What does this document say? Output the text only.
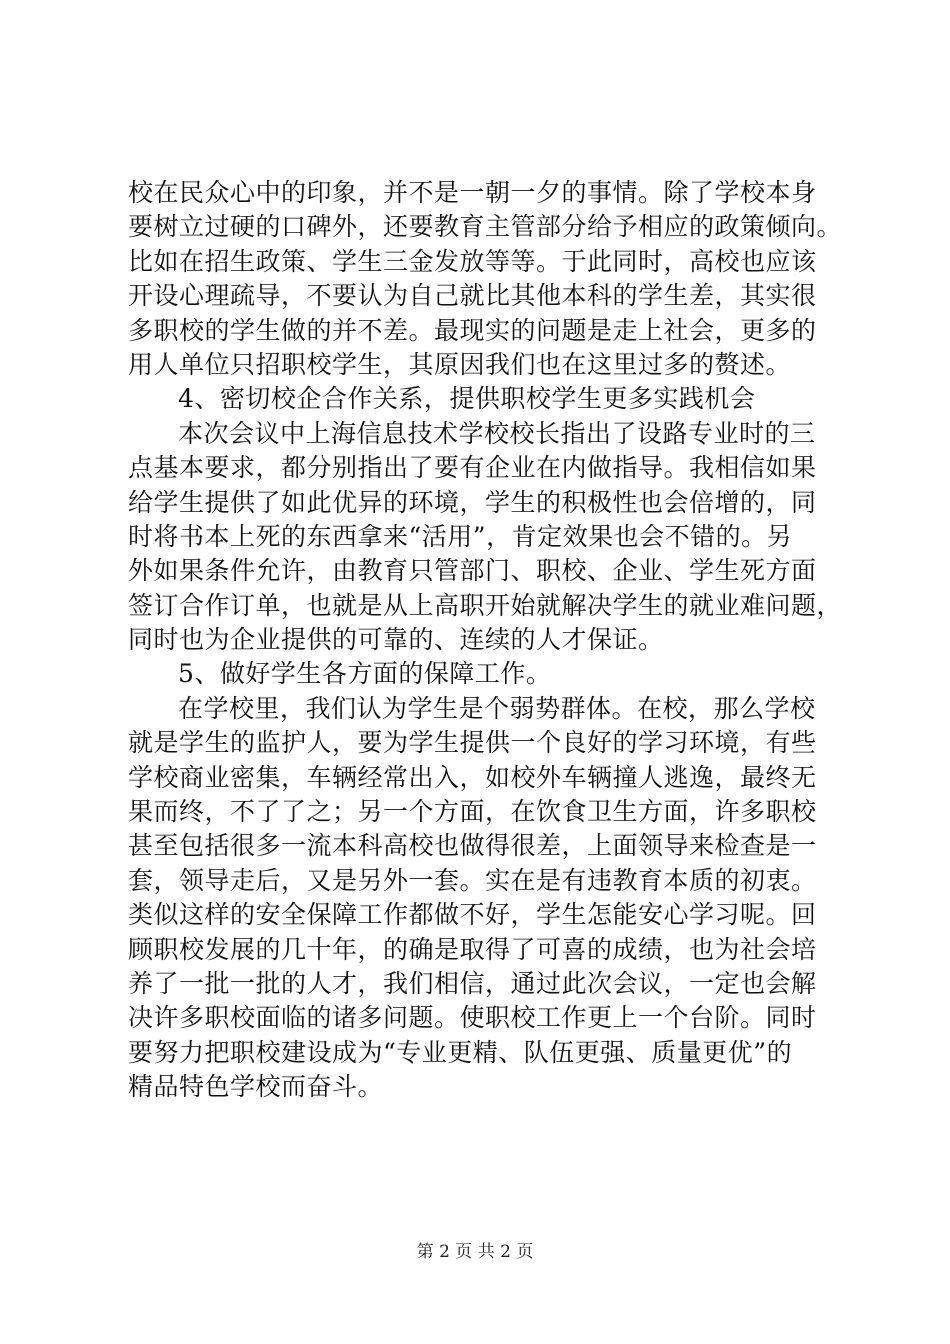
校在民众心中的印象，并不是一朝一夕的事情。除了学校本身
要树立过硬的口碑外，还要教育主管部分给予相应的政策倾向。
比如在招生政策、学生三金发放等等。于此同时，高校也应该
开设心理疏导，不要认为自己就比其他本科的学生差，其实很
多职校的学生做的并不差。最现实的问题是走上社会，更多的
用人单位只招职校学生，其原因我们也在这里过多的赘述。
4、密切校企合作关系，提供职校学生更多实践机会
本次会议中上海信息技术学校校长指出了设路专业时的三
点基本要求，都分别指出了要有企业在内做指导。我相信如果
给学生提供了如此优异的环境，学生的积极性也会倍增的，同
时将书本上死的东西拿来“活用”，肯定效果也会不错的。另
外如果条件允许，由教育只管部门、职校、企业、学生死方面
签订合作订单，也就是从上高职开始就解决学生的就业难问题，
同时也为企业提供的可靠的、连续的人才保证。
5、做好学生各方面的保障工作。
在学校里，我们认为学生是个弱势群体。在校，那么学校
就是学生的监护人，要为学生提供一个良好的学习环境，有些
学校商业密集，车辆经常出入，如校外车辆撞人逃逸，最终无
果而终，不了了之；另一个方面，在饮食卫生方面，许多职校
甚至包括很多一流本科高校也做得很差，上面领导来检查是一
套，领导走后，又是另外一套。实在是有违教育本质的初衷。
类似这样的安全保障工作都做不好，学生怎能安心学习呢。回
顾职校发展的几十年，的确是取得了可喜的成绩，也为社会培
养了一批一批的人才，我们相信，通过此次会议，一定也会解
决许多职校面临的诸多问题。使职校工作更上一个台阶。同时
要努力把职校建设成为“专业更精、队伍更强、质量更优”的
精品特色学校而奋斗。
第 2 页 共 2 页
